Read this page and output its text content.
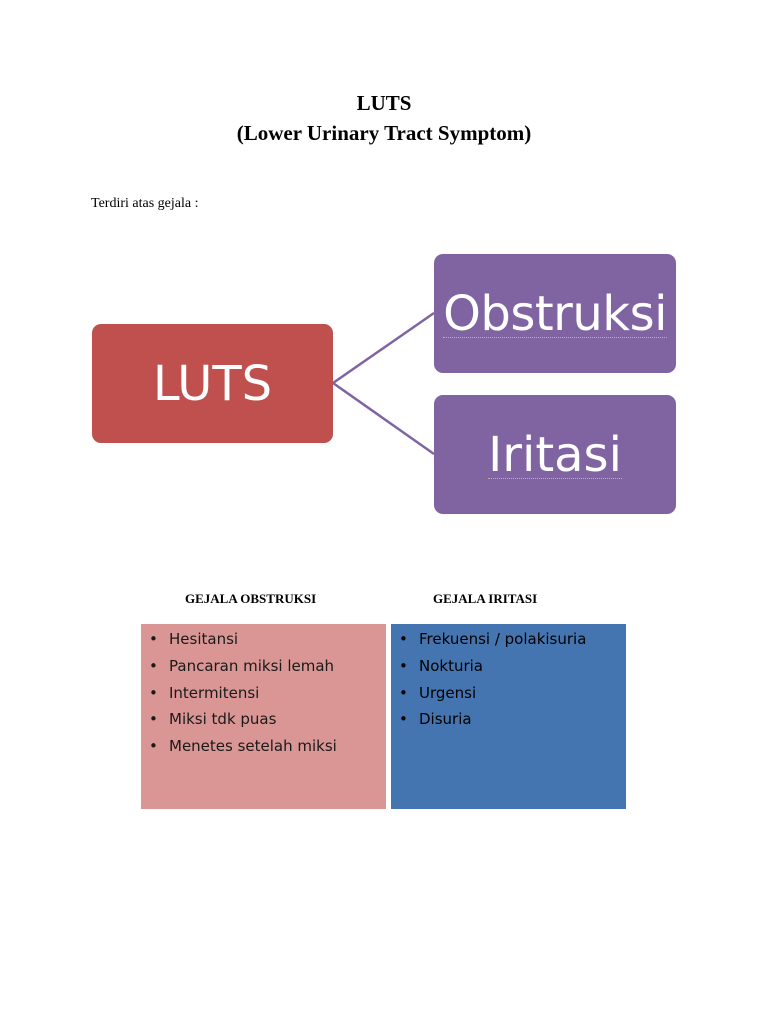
LUTS
(Lower Urinary Tract Symptom)
Terdiri atas gejala :
LUTS
Obstruksi
Iritasi
GEJALA OBSTRUKSI	GEJALA IRITASI
• Hesitansi
• Pancaran miksi lemah
• Intermitensi
• Miksi tdk puas
• Menetes setelah miksi
• Frekuensi / polakisuria
• Nokturia
• Urgensi
• Disuria
